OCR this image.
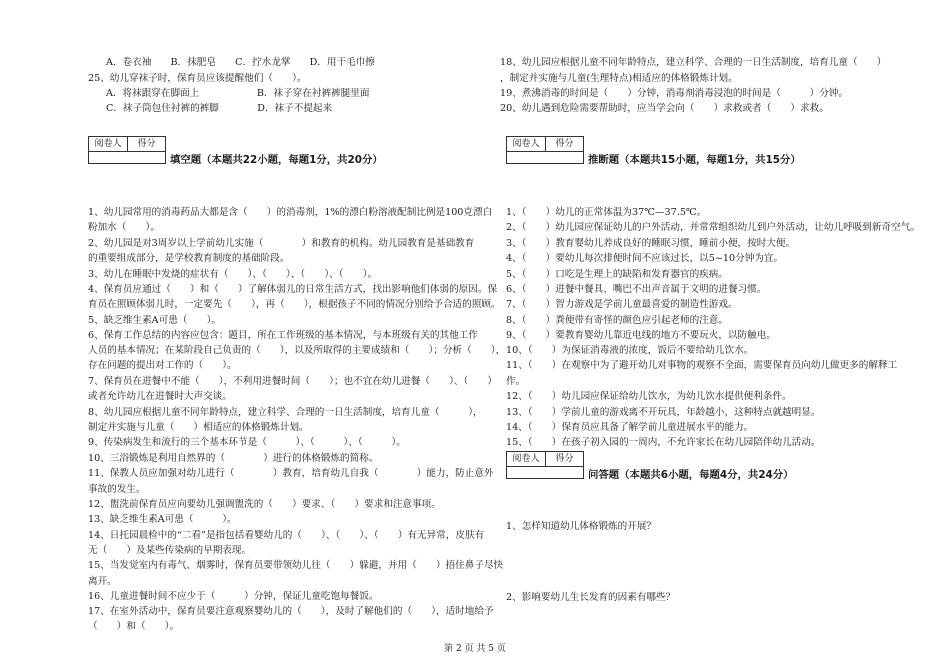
A．卷衣袖　　B．抹肥皂　　C．拧水龙掌　　D．用干毛巾擦
25、幼儿穿袜子时，保育员应该提醒他们（　　）。
A．将袜跟穿在脚面上　　　　　　B．袜子穿在衬裤裤腿里面
C．袜子筒包住衬裤的裤脚　　　　D．袜子不提起来
阅卷人	得分
填空题（本题共22小题，每题1分，共20分）
1、幼儿园常用的消毒药品大都是含（　　）的消毒剂，1%的漂白粉溶液配制比例是100克漂白
粉加水（　　）。
2、幼儿园是对3周岁以上学前幼儿实施（　　　　）和教育的机构。幼儿园教育是基础教育
的重要组成部分，是学校教育制度的基础阶段。
3、幼儿在睡眠中发烧的症状有（　　）、（　　）、（　　）、（　　）。
4、保育员应通过（　　）和（　　）了解体弱儿的日常生活方式，找出影响他们体弱的原因。保
育员在照顾体弱儿时，一定要先（　　），再（　　），根据孩子不同的情况分别给予合适的照顾。
5、缺乏维生素A可患（　　）。
6、保育工作总结的内容应包含：题目，所在工作班级的基本情况，与本班级有关的其他工作
人员的基本情况；在某阶段自己负责的（　　），以及所取得的主要成绩和（　　）；分析（　　），
存在问题的提出对工作的（　　）。
7、保育员在进餐中不能（　　），不利用进餐时间（　　）；也不宜在幼儿进餐（　　）、（　　）
或者允许幼儿在进餐时大声交谈。
8、幼儿园应根据儿童不同年龄特点，建立科学、合理的一日生活制度，培育儿童（　　　），
制定并实施与儿童（　　）相适应的体格锻炼计划。
9、传染病发生和流行的三个基本环节是（　　　）、（　　　）、（　　　）。
10、三浴锻炼是利用自然界的（　　　　）进行的体格锻炼的简称。
11、保教人员应加强对幼儿进行（　　　　）教育，培育幼儿自我（　　　　）能力，防止意外
事故的发生。
12、盥洗前保育员应向要幼儿强调盥洗的（　　）要求、（　　）要求和注意事项。
13、缺乏维生素A可患（　　　）。
14、日托园晨检中的“二看”是指包括看婴幼儿的（　　）、（　　）、（　　）有无异常，皮肤有
无（　　）及某些传染病的早期表现。
15、当发觉室内有毒气、烟雾时，保育员要带领幼儿往（　　）躲避，并用（　　）捂住鼻子尽快
离开。
16、儿童进餐时间不应少于（　　　）分钟，保证儿童吃饱每餐饭。
17、在室外活动中，保育员要注意观察婴幼儿的（　　），及时了解他们的（　　），适时地给予
（　　）和（　　）。
18、幼儿园应根据儿童不同年龄特点，建立科学、合理的一日生活制度，培育儿童（　　）
，制定并实施与儿童(生理特点)相适应的体格锻炼计划。
19、煮沸消毒的时间是（　　）分钟，消毒剂消毒浸泡的时间是（　　　）分钟。
20、幼儿遇到危险需要帮助时，应当学会向（　　）求救或者（　　）求救。
阅卷人	得分
推断题（本题共15小题，每题1分，共15分）
1、（　　）幼儿的正常体温为37℃—37.5℃。
2、（　　）幼儿园应保证幼儿的户外活动，并常常组织幼儿到户外活动，让幼儿呼吸到新奇空气。
3、（　　）教育婴幼儿养成良好的睡眠习惯，睡前小便，按时大便。
4、（　　）要幼儿每次排便时间不应该过长，以5~10分钟为宜。
5、（　　）口吃是生理上的缺陷和发育器官的疾病。
6、（　　）进餐中餐具、嘴巴不出声音属于文明的进餐习惯。
7、（　　）智力游戏是学前儿童最喜爱的制造性游戏。
8、（　　）粪便带有寄怪的颜色应引起老师的注意。
9、（　　）要教育婴幼儿靠近电线的地方不要玩火，以防触电。
10、（　　）为保证消毒液的浓度，饭后不要给幼儿饮水。
11、（　　）在观察中为了避开幼儿对事物的观察不全面，需要保育员向幼儿做更多的解释工
作。
12、（　　）幼儿园应保证给幼儿饮水，为幼儿饮水提供便利条件。
13、（　　）学前儿童的游戏离不开玩具，年龄越小，这种特点就越明显。
14、（　　）保育员应具备了解学前儿童进展水平的能力。
15、（　　）在孩子初入园的一周内，不允许家长在幼儿园陪伴幼儿活动。
阅卷人	得分
问答题（本题共6小题，每题4分，共24分）
1、怎样知道幼儿体格锻炼的开展？
2、影响要幼儿生长发育的因素有哪些？
第 2 页 共 5 页
